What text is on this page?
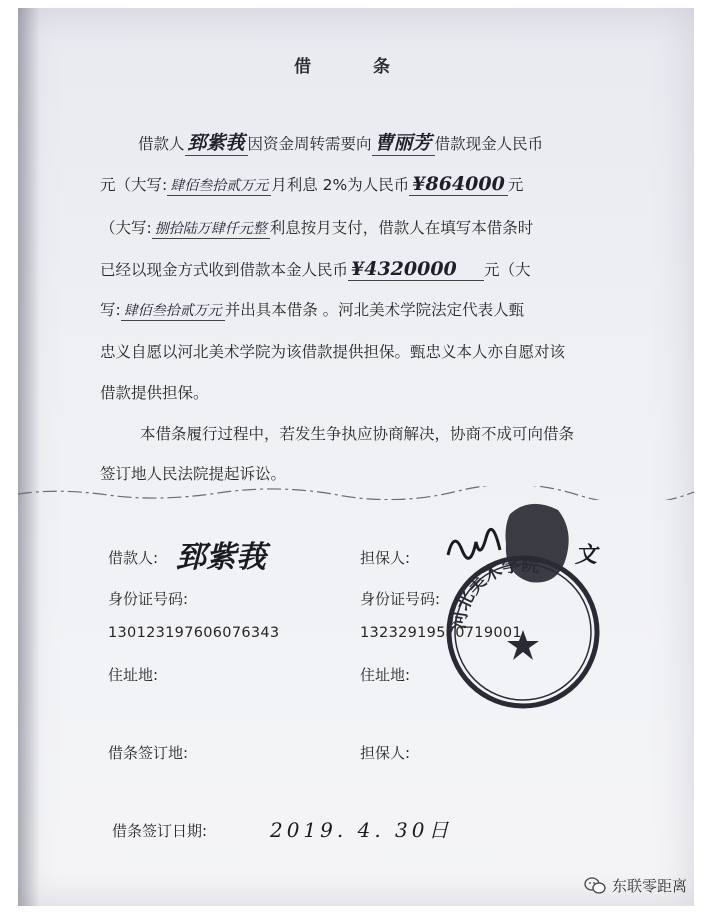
借 条
借款人 郅紫莪 因资金周转需要向 曹丽芳 借款现金人民币
元（大写: 肆佰叁拾贰万元 月利息 2%为人民币 ¥864000 元
（大写: 捌拾陆万肆仟元整 利息按月支付，借款人在填写本借条时
已经以现金方式收到借款本金人民币 ¥4320000 元（大
写: 肆佰叁拾贰万元 并出具本借条 。河北美术学院法定代表人甄
忠义自愿以河北美术学院为该借款提供担保。甄忠义本人亦自愿对该
借款提供担保。
本借条履行过程中，若发生争执应协商解决，协商不成可向借条
签订地人民法院提起诉讼。
借款人: 郅紫莪	担保人:	文
身份证号码:
130123197606076343
身份证号码:
13232919570719001
住址地:	住址地:
借条签订地:	担保人:
借条签订日期:	2019. 4. 30日
河北美术学院
东联零距离
